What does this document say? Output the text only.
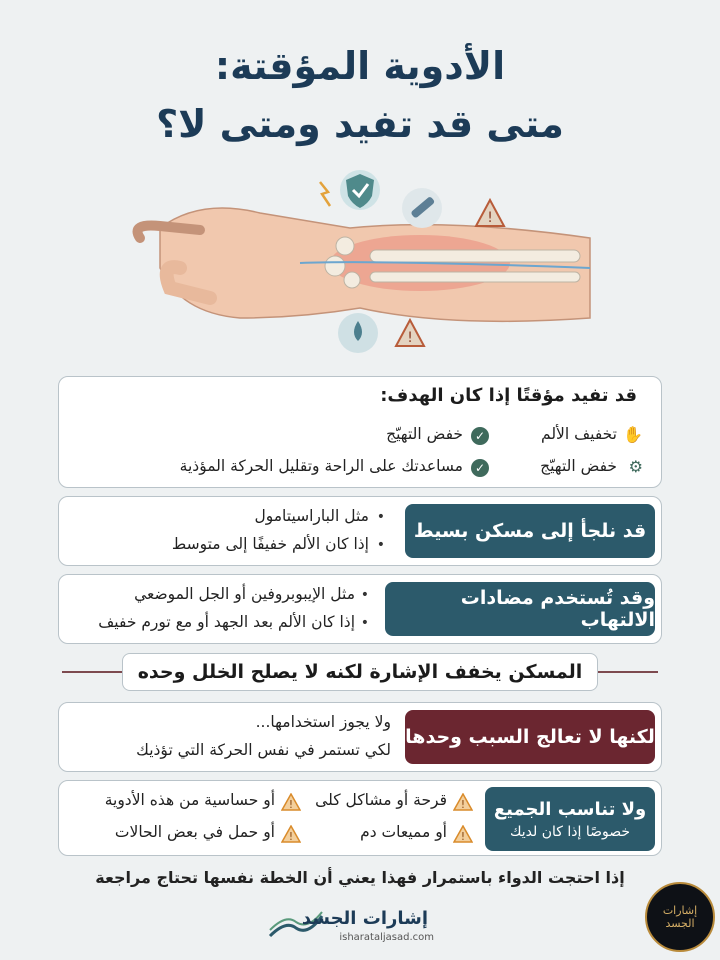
الأدوية المؤقتة:
متى قد تفيد ومتى لا؟
!
!
قد تفيد مؤقتًا إذا كان الهدف:
✋
تخفيف الألم
✓
خفض التهيّج
⚙
خفض التهيّج
✓
مساعدتك على الراحة وتقليل الحركة المؤذية
قد نلجأ إلى مسكن بسيط
•
مثل الباراسيتامول
•
إذا كان الألم خفيفًا إلى متوسط
وقد تُستخدم مضادات الالتهاب
•
مثل الإيبوبروفين أو الجل الموضعي
•
إذا كان الألم بعد الجهد أو مع تورم خفيف
المسكن يخفف الإشارة لكنه لا يصلح الخلل وحده
لكنها لا تعالج السبب وحدها
ولا يجوز استخدامها...
لكي تستمر في نفس الحركة التي تؤذيك
ولا تناسب الجميع
خصوصًا إذا كان لديك
!
قرحة أو مشاكل كلى
!
أو حساسية من هذه الأدوية
!
أو مميعات دم
!
أو حمل في بعض الحالات
إذا احتجت الدواء باستمرار فهذا يعني أن الخطة نفسها تحتاج مراجعة
إشارات الجسد
isharataljasad.com
إشارات الجسد
